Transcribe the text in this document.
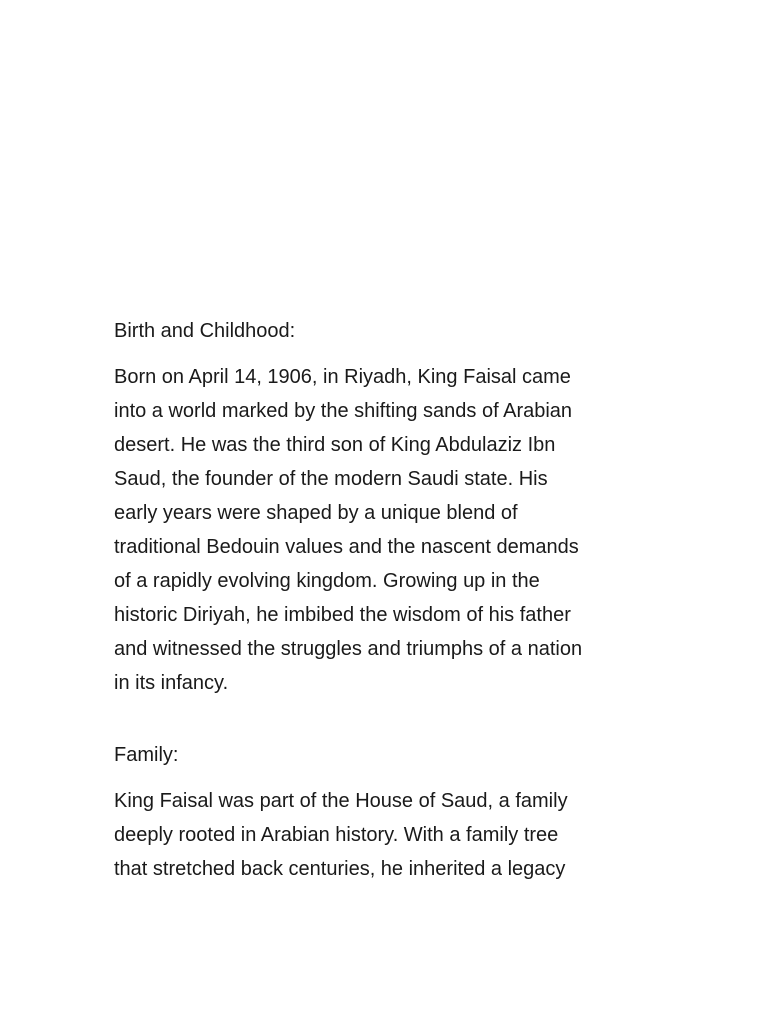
Birth and Childhood:

Born on April 14, 1906, in Riyadh, King Faisal came
into a world marked by the shifting sands of Arabian
desert. He was the third son of King Abdulaziz Ibn
Saud, the founder of the modern Saudi state. His
early years were shaped by a unique blend of
traditional Bedouin values and the nascent demands
of a rapidly evolving kingdom. Growing up in the
historic Diriyah, he imbibed the wisdom of his father
and witnessed the struggles and triumphs of a nation
in its infancy.

Family:

King Faisal was part of the House of Saud, a family
deeply rooted in Arabian history. With a family tree
that stretched back centuries, he inherited a legacy
